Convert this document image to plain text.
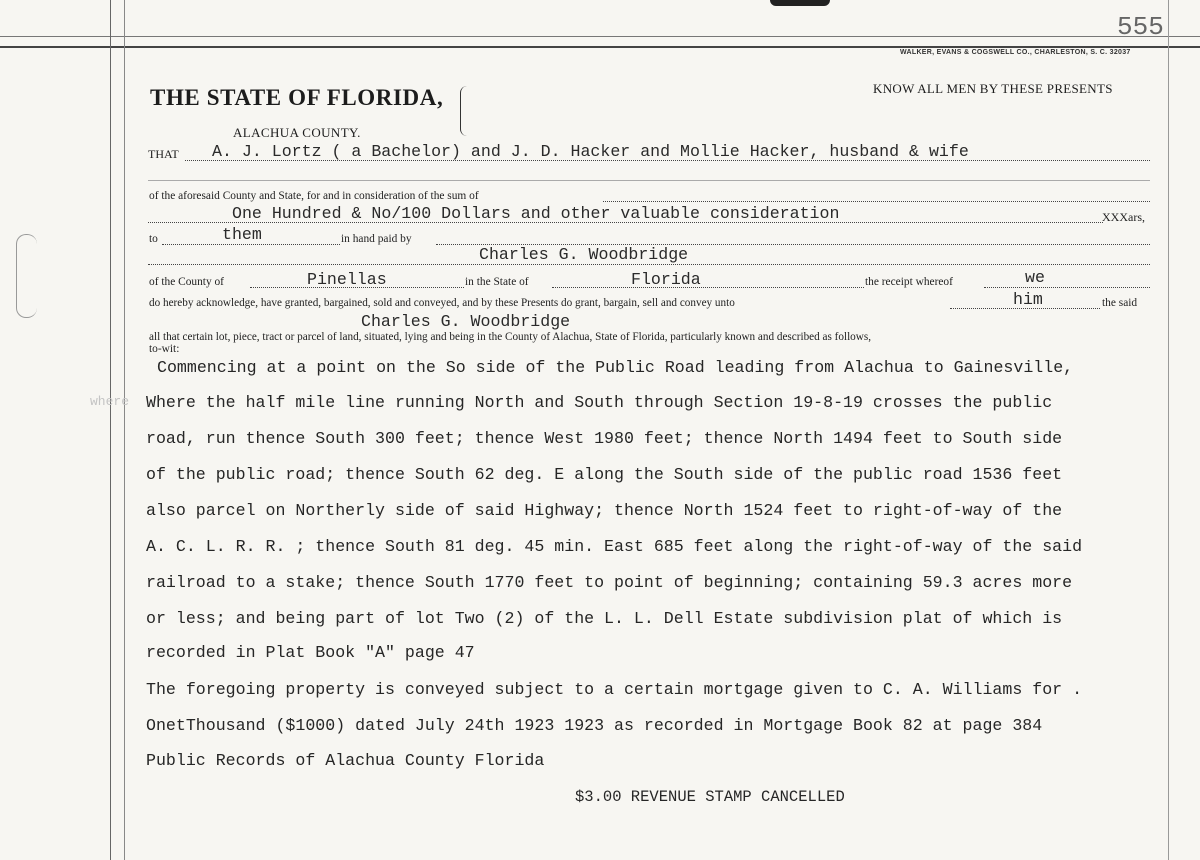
555
WALKER, EVANS & COGSWELL CO., CHARLESTON, S. C. 32037
THE STATE OF FLORIDA,	KNOW ALL MEN BY THESE PRESENTS
ALACHUA COUNTY.
THAT A. J. Lortz ( a Bachelor) and J. D. Hacker and Mollie Hacker, husband & wife
of the aforesaid County and State, for and in consideration of the sum of
One Hundred & No/100 Dollars and other valuable consideration	XXXars,
to	them	in hand paid by
Charles G. Woodbridge
of the County of	Pinellas	in the State of	Florida	the receipt whereof	we
do hereby acknowledge, have granted, bargained, sold and conveyed, and by these Presents do grant, bargain, sell and convey unto	him	the said
Charles G. Woodbridge
all that certain lot, piece, tract or parcel of land, situated, lying and being in the County of Alachua, State of Florida, particularly known and described as follows,
to-wit:
where
Commencing at a point on the So side of the Public Road leading from Alachua to Gainesville,
Where the half mile line running North and South through Section 19-8-19 crosses the public
road, run thence South 300 feet; thence West 1980 feet; thence North 1494 feet to South side
of the public road; thence South 62 deg. E along the South side of the public road 1536 feet
also parcel on Northerly side of said Highway; thence North 1524 feet to right-of-way of the
A. C. L. R. R. ; thence South 81 deg. 45 min. East 685 feet along the right-of-way of the said
railroad to a stake; thence South 1770 feet to point of beginning; containing 59.3 acres more
or less; and being part of lot Two (2) of the L. L. Dell Estate subdivision plat of which is
recorded in Plat Book "A" page 47
The foregoing property is conveyed subject to a certain mortgage given to C. A. Williams for .
OnetThousand ($1000) dated July 24th 1923 1923 as recorded in Mortgage Book 82 at page 384
Public Records of Alachua County Florida
$3.00 REVENUE STAMP CANCELLED
